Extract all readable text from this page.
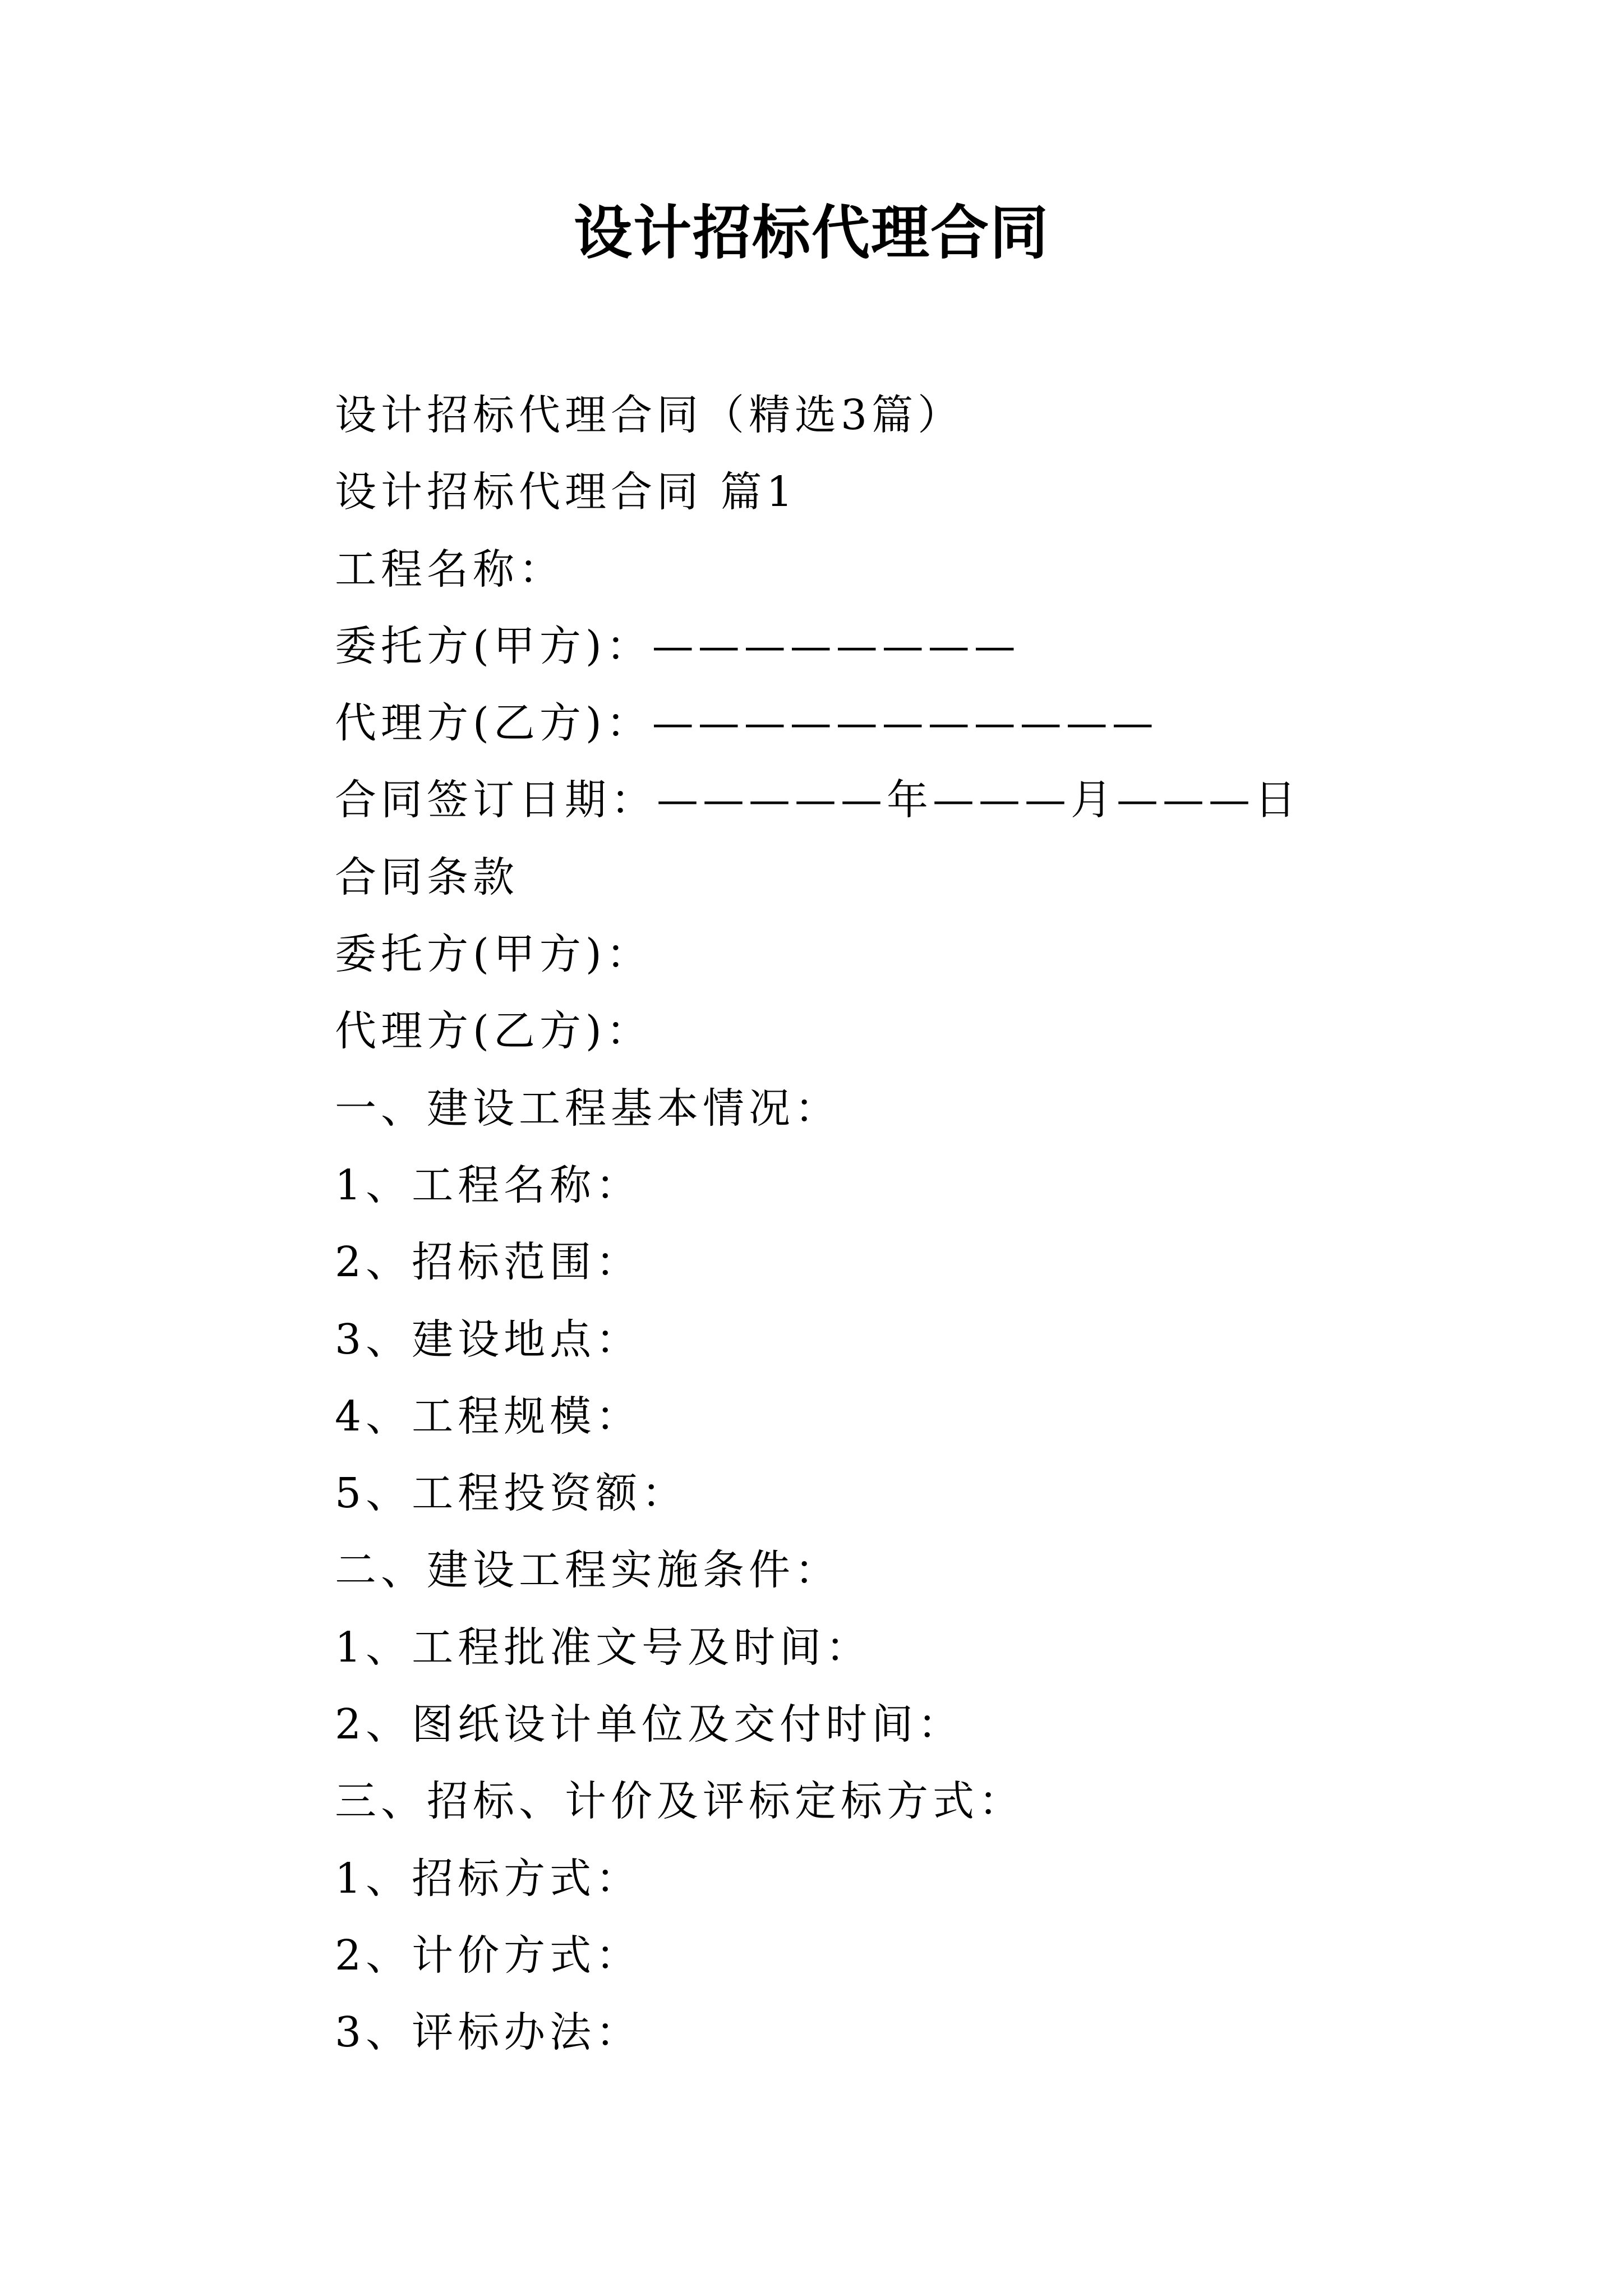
设计招标代理合同
设计招标代理合同（精选3篇）
设计招标代理合同 篇1
工程名称：
委托方(甲方)：————————
代理方(乙方)：———————————
合同签订日期：—————年———月———日
合同条款
委托方(甲方)：
代理方(乙方)：
一、建设工程基本情况：
1、工程名称：
2、招标范围：
3、建设地点：
4、工程规模：
5、工程投资额：
二、建设工程实施条件：
1、工程批准文号及时间：
2、图纸设计单位及交付时间：
三、招标、计价及评标定标方式：
1、招标方式：
2、计价方式：
3、评标办法：
